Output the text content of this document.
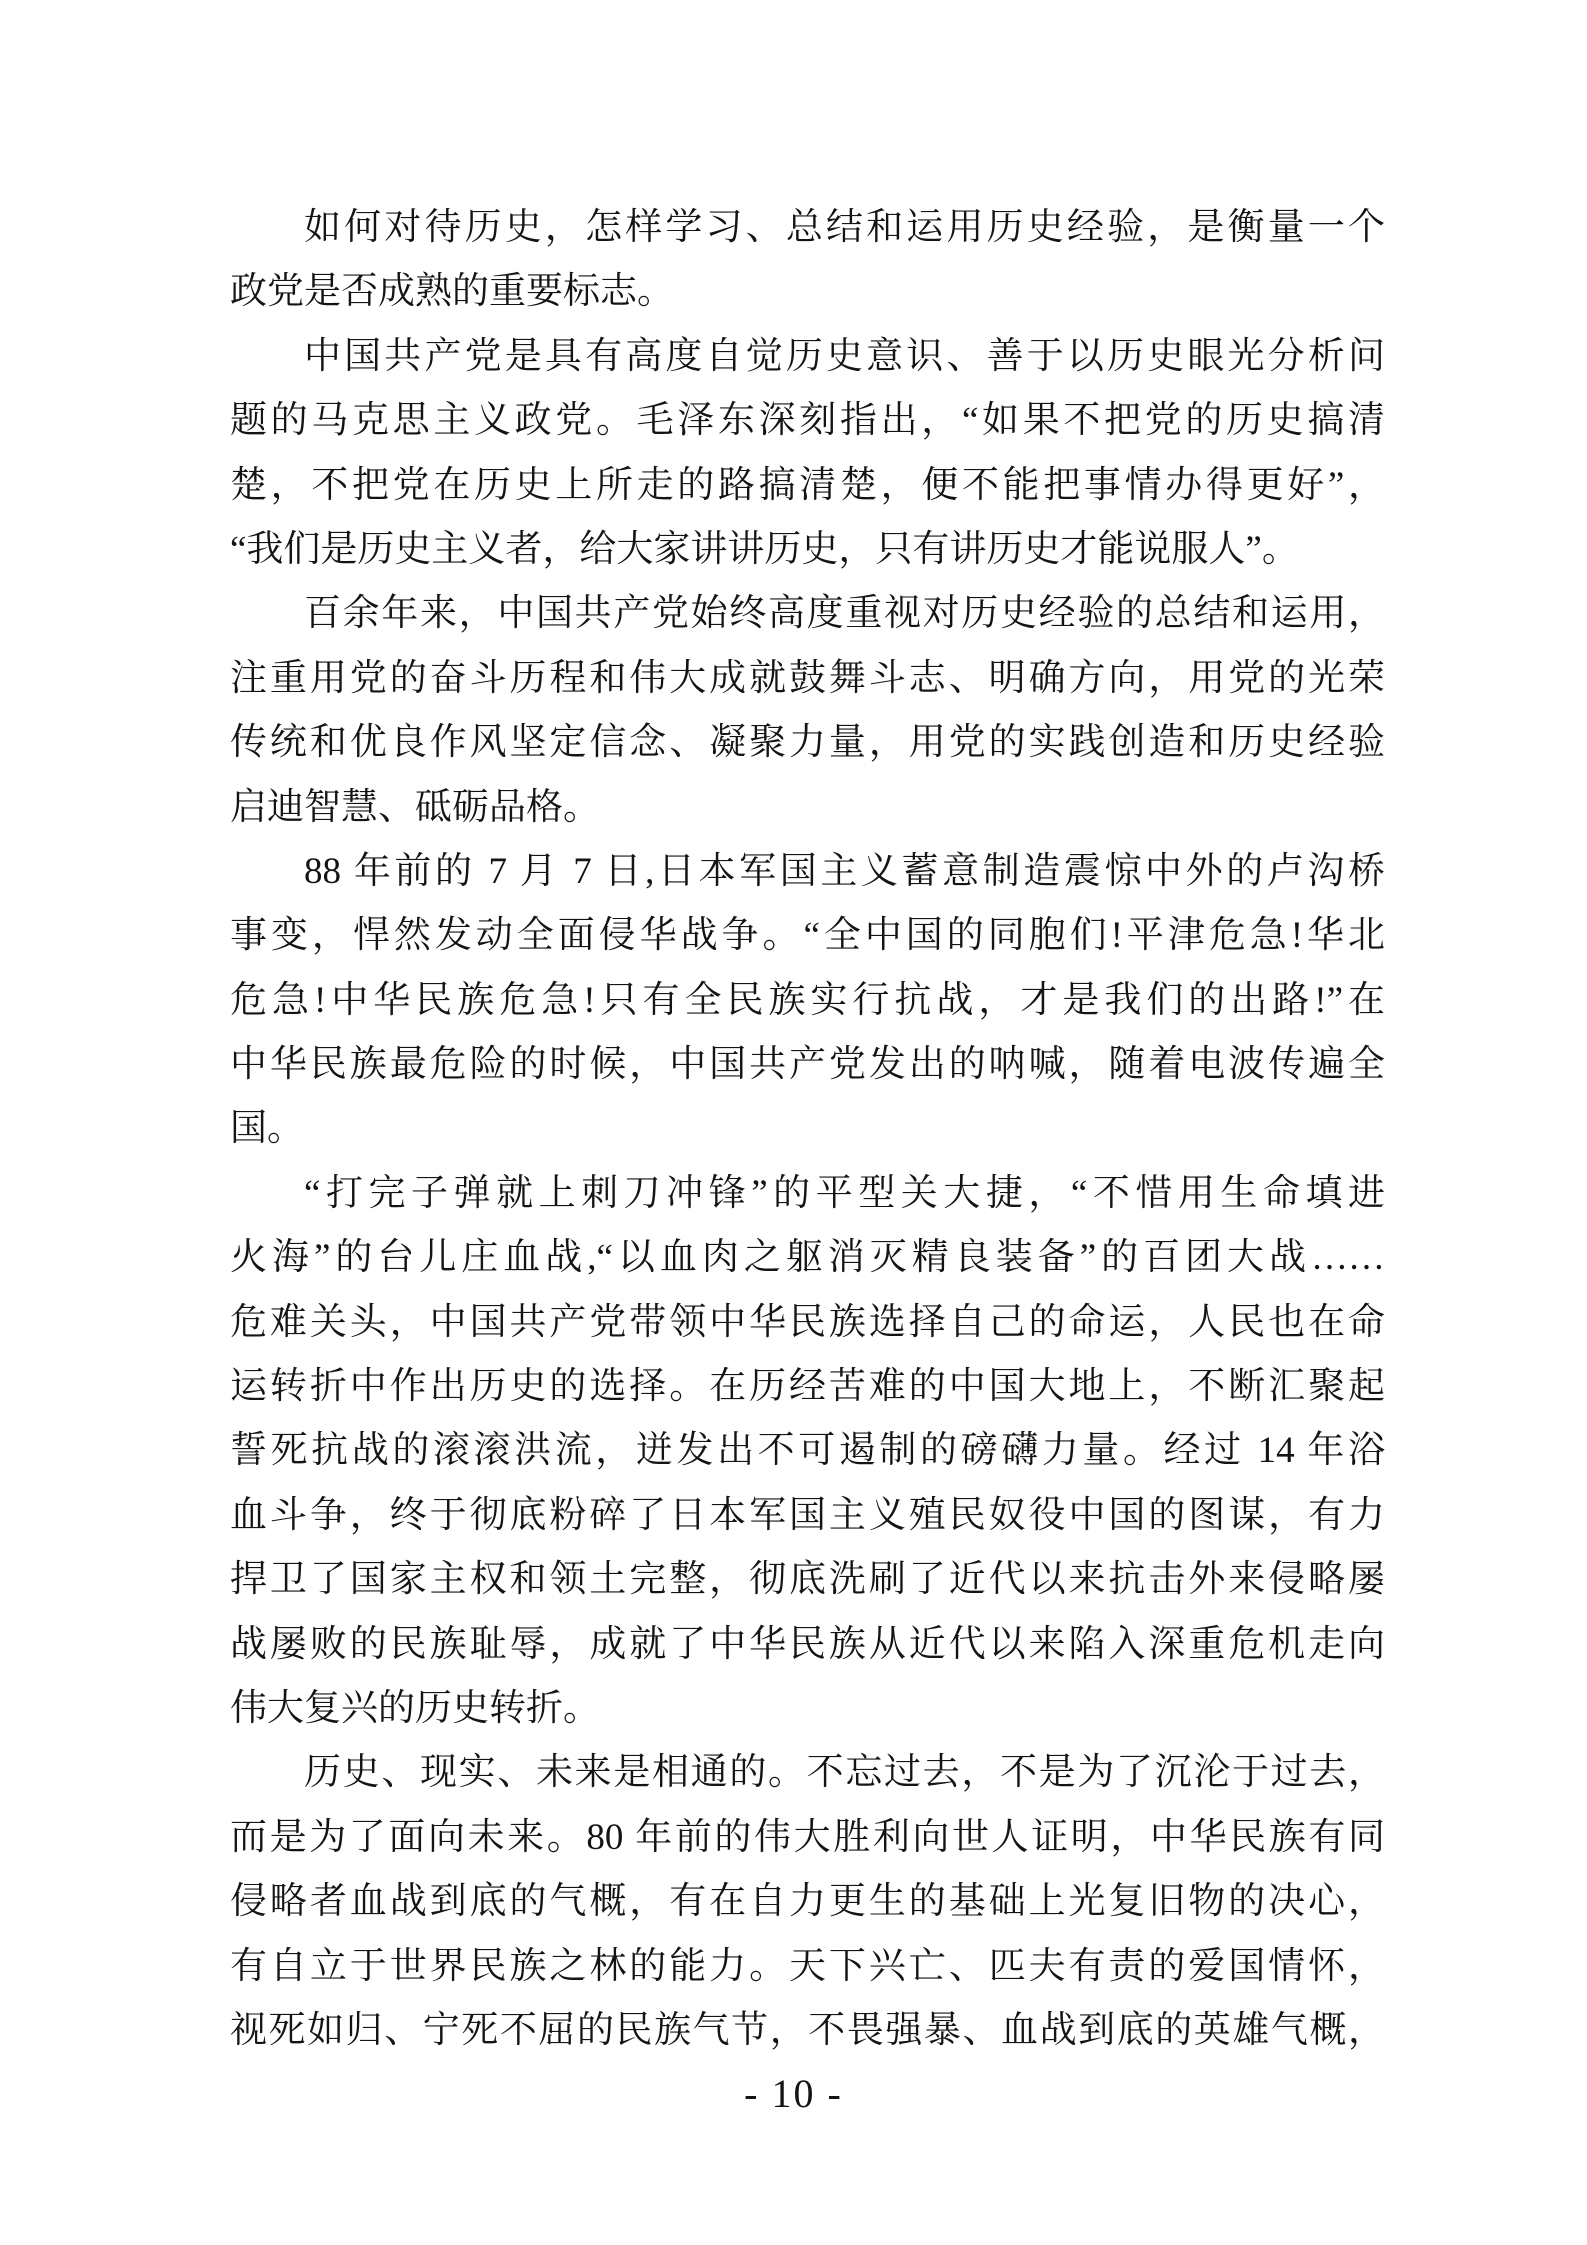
如何对待历史，怎样学习、总结和运用历史经验，是衡量一个
政党是否成熟的重要标志。
中国共产党是具有高度自觉历史意识、善于以历史眼光分析问
题的马克思主义政党。毛泽东深刻指出，“如果不把党的历史搞清
楚，不把党在历史上所走的路搞清楚，便不能把事情办得更好”，
“我们是历史主义者，给大家讲讲历史，只有讲历史才能说服人”。
百余年来，中国共产党始终高度重视对历史经验的总结和运用，
注重用党的奋斗历程和伟大成就鼓舞斗志、明确方向，用党的光荣
传统和优良作风坚定信念、凝聚力量，用党的实践创造和历史经验
启迪智慧、砥砺品格。
88 年前的 7 月 7 日,日本军国主义蓄意制造震惊中外的卢沟桥
事变，悍然发动全面侵华战争。“全中国的同胞们!平津危急!华北
危急!中华民族危急!只有全民族实行抗战，才是我们的出路!”在
中华民族最危险的时候，中国共产党发出的呐喊，随着电波传遍全
国。
“打完子弹就上刺刀冲锋”的平型关大捷，“不惜用生命填进
火海”的台儿庄血战,“以血肉之躯消灭精良装备”的百团大战……
危难关头，中国共产党带领中华民族选择自己的命运，人民也在命
运转折中作出历史的选择。在历经苦难的中国大地上，不断汇聚起
誓死抗战的滚滚洪流，迸发出不可遏制的磅礴力量。经过 14 年浴
血斗争，终于彻底粉碎了日本军国主义殖民奴役中国的图谋，有力
捍卫了国家主权和领土完整，彻底洗刷了近代以来抗击外来侵略屡
战屡败的民族耻辱，成就了中华民族从近代以来陷入深重危机走向
伟大复兴的历史转折。
历史、现实、未来是相通的。不忘过去，不是为了沉沦于过去，
而是为了面向未来。80 年前的伟大胜利向世人证明，中华民族有同
侵略者血战到底的气概，有在自力更生的基础上光复旧物的决心，
有自立于世界民族之林的能力。天下兴亡、匹夫有责的爱国情怀，
视死如归、宁死不屈的民族气节，不畏强暴、血战到底的英雄气概，
- 10 -
